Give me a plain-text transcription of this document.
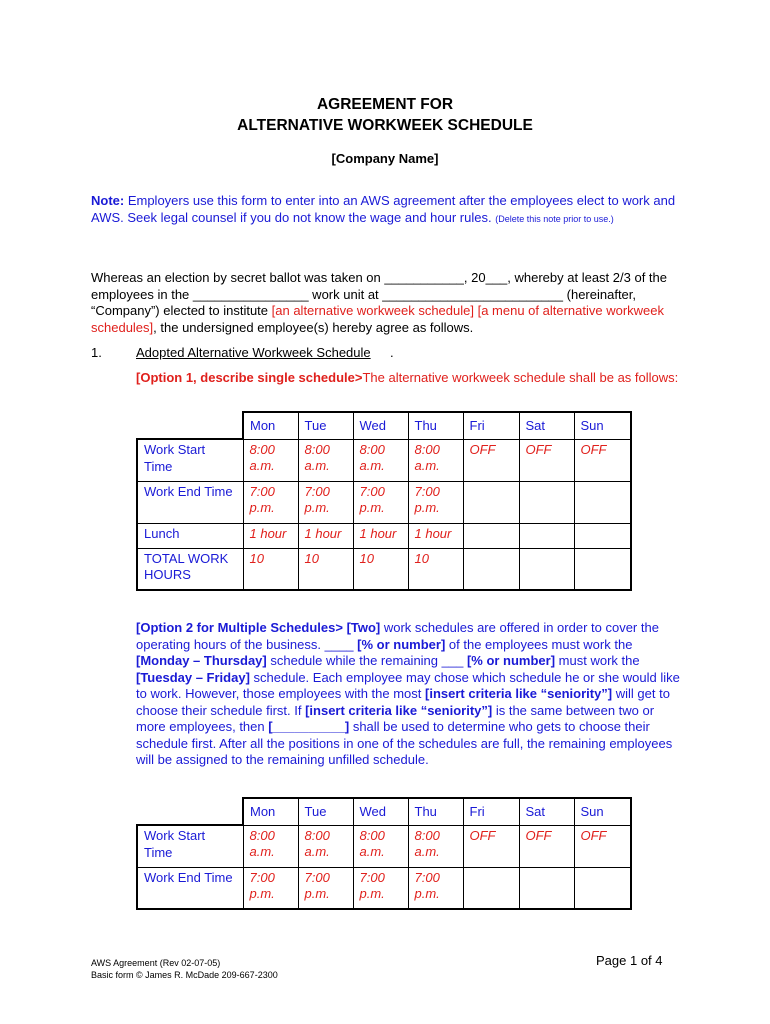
AGREEMENT FOR
ALTERNATIVE WORKWEEK SCHEDULE
[Company Name]
Note: Employers use this form to enter into an AWS agreement after the employees elect to work and AWS. Seek legal counsel if you do not know the wage and hour rules. (Delete this note prior to use.)
Whereas an election by secret ballot was taken on ___________, 20___, whereby at least 2/3 of the employees in the ________________ work unit at _________________________ (hereinafter, “Company”) elected to institute [an alternative workweek schedule] [a menu of alternative workweek schedules], the undersigned employee(s) hereby agree as follows.
1.	Adopted Alternative Workweek Schedule .
[Option 1, describe single schedule>The alternative workweek schedule shall be as follows:
	Mon	Tue	Wed	Thu	Fri	Sat	Sun
Work Start Time	8:00 a.m.	8:00 a.m.	8:00 a.m.	8:00 a.m.	OFF	OFF	OFF
Work End Time	7:00 p.m.	7:00 p.m.	7:00 p.m.	7:00 p.m.			
Lunch	1 hour	1 hour	1 hour	1 hour			
TOTAL WORK HOURS	10	10	10	10			
[Option 2 for Multiple Schedules> [Two] work schedules are offered in order to cover the operating hours of the business. ____ [% or number] of the employees must work the [Monday – Thursday] schedule while the remaining ___ [% or number] must work the [Tuesday – Friday] schedule. Each employee may chose which schedule he or she would like to work. However, those employees with the most [insert criteria like “seniority”] will get to choose their schedule first. If [insert criteria like “seniority”] is the same between two or more employees, then [__________] shall be used to determine who gets to choose their schedule first. After all the positions in one of the schedules are full, the remaining employees will be assigned to the remaining unfilled schedule.
	Mon	Tue	Wed	Thu	Fri	Sat	Sun
Work Start Time	8:00 a.m.	8:00 a.m.	8:00 a.m.	8:00 a.m.	OFF	OFF	OFF
Work End Time	7:00 p.m.	7:00 p.m.	7:00 p.m.	7:00 p.m.			
AWS Agreement (Rev 02-07-05)
Basic form © James R. McDade 209-667-2300
Page 1 of 4
